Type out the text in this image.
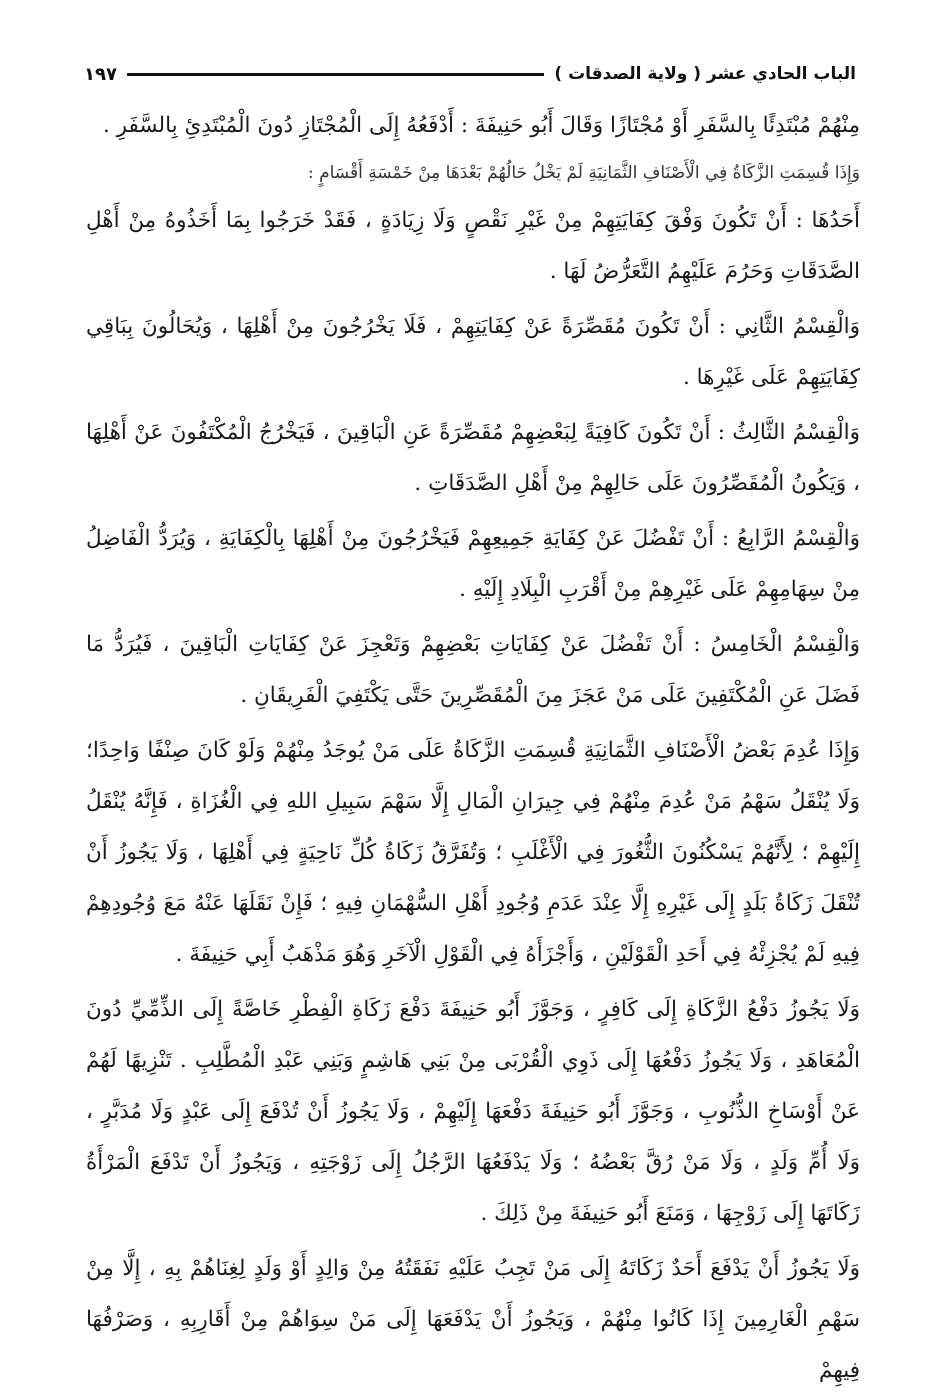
الباب الحادي عشر ( ولاية الصدقات )
١٩٧

مِنْهُمْ مُبْتَدِئًا بِالسَّفَرِ أَوْ مُجْتَازًا وَقَالَ أَبُو حَنِيفَةَ : أَدْفَعُهُ إِلَى الْمُجْتَازِ دُونَ الْمُبْتَدِئِ بِالسَّفَرِ .

وَإِذَا قُسِمَتِ الزَّكَاةُ فِي الْأَصْنَافِ الثَّمَانِيَةِ لَمْ يَخْلُ حَالُهُمْ بَعْدَهَا مِنْ خَمْسَةِ أَقْسَامٍ :

أَحَدُهَا : أَنْ تَكُونَ وَفْقَ كِفَايَتِهِمْ مِنْ غَيْرِ نَقْصٍ وَلَا زِيَادَةٍ ، فَقَدْ خَرَجُوا بِمَا أَخَذُوهُ مِنْ أَهْلِ الصَّدَقَاتِ وَحَرُمَ عَلَيْهِمُ التَّعَرُّضُ لَهَا .

وَالْقِسْمُ الثَّانِي : أَنْ تَكُونَ مُقَصِّرَةً عَنْ كِفَايَتِهِمْ ، فَلَا يَخْرُجُونَ مِنْ أَهْلِهَا ، وَيُحَالُونَ بِبَاقِي كِفَايَتِهِمْ عَلَى غَيْرِهَا .

وَالْقِسْمُ الثَّالِثُ : أَنْ تَكُونَ كَافِيَةً لِبَعْضِهِمْ مُقَصِّرَةً عَنِ الْبَاقِينَ ، فَيَخْرُجُ الْمُكْتَفُونَ عَنْ أَهْلِهَا ، وَيَكُونُ الْمُقَصِّرُونَ عَلَى حَالِهِمْ مِنْ أَهْلِ الصَّدَقَاتِ .

وَالْقِسْمُ الرَّابِعُ : أَنْ تَفْضُلَ عَنْ كِفَايَةِ جَمِيعِهِمْ فَيَخْرُجُونَ مِنْ أَهْلِهَا بِالْكِفَايَةِ ، وَيُرَدُّ الْفَاضِلُ مِنْ سِهَامِهِمْ عَلَى غَيْرِهِمْ مِنْ أَقْرَبِ الْبِلَادِ إِلَيْهِ .

وَالْقِسْمُ الْخَامِسُ : أَنْ تَفْضُلَ عَنْ كِفَايَاتِ بَعْضِهِمْ وَتَعْجِزَ عَنْ كِفَايَاتِ الْبَاقِينَ ، فَيُرَدُّ مَا فَضَلَ عَنِ الْمُكْتَفِينَ عَلَى مَنْ عَجَزَ مِنَ الْمُقَصِّرِينَ حَتَّى يَكْتَفِيَ الْفَرِيقَانِ .

وَإِذَا عُدِمَ بَعْضُ الْأَصْنَافِ الثَّمَانِيَةِ قُسِمَتِ الزَّكَاةُ عَلَى مَنْ يُوجَدُ مِنْهُمْ وَلَوْ كَانَ صِنْفًا وَاحِدًا؛ وَلَا يُنْقَلُ سَهْمُ مَنْ عُدِمَ مِنْهُمْ فِي جِيرَانِ الْمَالِ إِلَّا سَهْمَ سَبِيلِ اللهِ فِي الْغُزَاةِ ، فَإِنَّهُ يُنْقَلُ إِلَيْهِمْ ؛ لِأَنَّهُمْ يَسْكُنُونَ الثُّغُورَ فِي الْأَغْلَبِ ؛ وَتُفَرَّقُ زَكَاةُ كُلِّ نَاحِيَةٍ فِي أَهْلِهَا ، وَلَا يَجُوزُ أَنْ تُنْقَلَ زَكَاةُ بَلَدٍ إِلَى غَيْرِهِ إِلَّا عِنْدَ عَدَمِ وُجُودِ أَهْلِ السُّهْمَانِ فِيهِ ؛ فَإِنْ نَقَلَهَا عَنْهُ مَعَ وُجُودِهِمْ فِيهِ لَمْ يُجْزِئْهُ فِي أَحَدِ الْقَوْلَيْنِ ، وَأَجْزَأَهُ فِي الْقَوْلِ الْآخَرِ وَهُوَ مَذْهَبُ أَبِي حَنِيفَةَ .

وَلَا يَجُوزُ دَفْعُ الزَّكَاةِ إِلَى كَافِرٍ ، وَجَوَّزَ أَبُو حَنِيفَةَ دَفْعَ زَكَاةِ الْفِطْرِ خَاصَّةً إِلَى الذِّمِّيِّ دُونَ الْمُعَاهَدِ ، وَلَا يَجُوزُ دَفْعُهَا إِلَى ذَوِي الْقُرْبَى مِنْ بَنِي هَاشِمٍ وَبَنِي عَبْدِ الْمُطَّلِبِ . تَنْزِيهًا لَهُمْ عَنْ أَوْسَاخِ الذُّنُوبِ ، وَجَوَّزَ أَبُو حَنِيفَةَ دَفْعَهَا إِلَيْهِمْ ، وَلَا يَجُوزُ أَنْ تُدْفَعَ إِلَى عَبْدٍ وَلَا مُدَبَّرٍ ، وَلَا أُمِّ وَلَدٍ ، وَلَا مَنْ رُقَّ بَعْضُهُ ؛ وَلَا يَدْفَعُهَا الرَّجُلُ إِلَى زَوْجَتِهِ ، وَيَجُوزُ أَنْ تَدْفَعَ الْمَرْأَةُ زَكَاتَهَا إِلَى زَوْجِهَا ، وَمَنَعَ أَبُو حَنِيفَةَ مِنْ ذَلِكَ .

وَلَا يَجُوزُ أَنْ يَدْفَعَ أَحَدٌ زَكَاتَهُ إِلَى مَنْ تَجِبُ عَلَيْهِ نَفَقَتُهُ مِنْ وَالِدٍ أَوْ وَلَدٍ لِغِنَاهُمْ بِهِ ، إِلَّا مِنْ سَهْمِ الْغَارِمِينَ إِذَا كَانُوا مِنْهُمْ ، وَيَجُوزُ أَنْ يَدْفَعَهَا إِلَى مَنْ سِوَاهُمْ مِنْ أَقَارِبِهِ ، وَصَرْفُهَا فِيهِمْ
